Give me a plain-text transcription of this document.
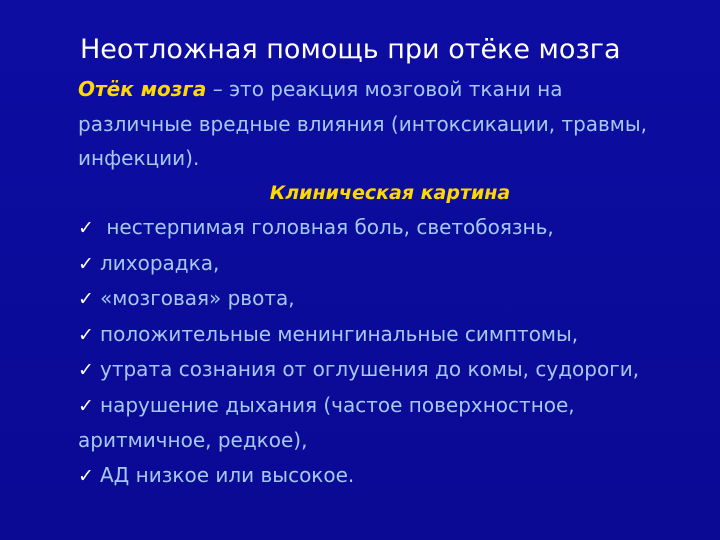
Неотложная помощь при отёке мозга
Отёк мозга – это реакция мозговой ткани на различные вредные влияния (интоксикации, травмы, инфекции).
Клиническая картина
✓ нестерпимая головная боль, светобоязнь,
✓ лихорадка,
✓ «мозговая» рвота,
✓ положительные менингинальные симптомы,
✓ утрата сознания от оглушения до комы, судороги,
✓ нарушение дыхания (частое поверхностное, аритмичное, редкое),
✓ АД низкое или высокое.
